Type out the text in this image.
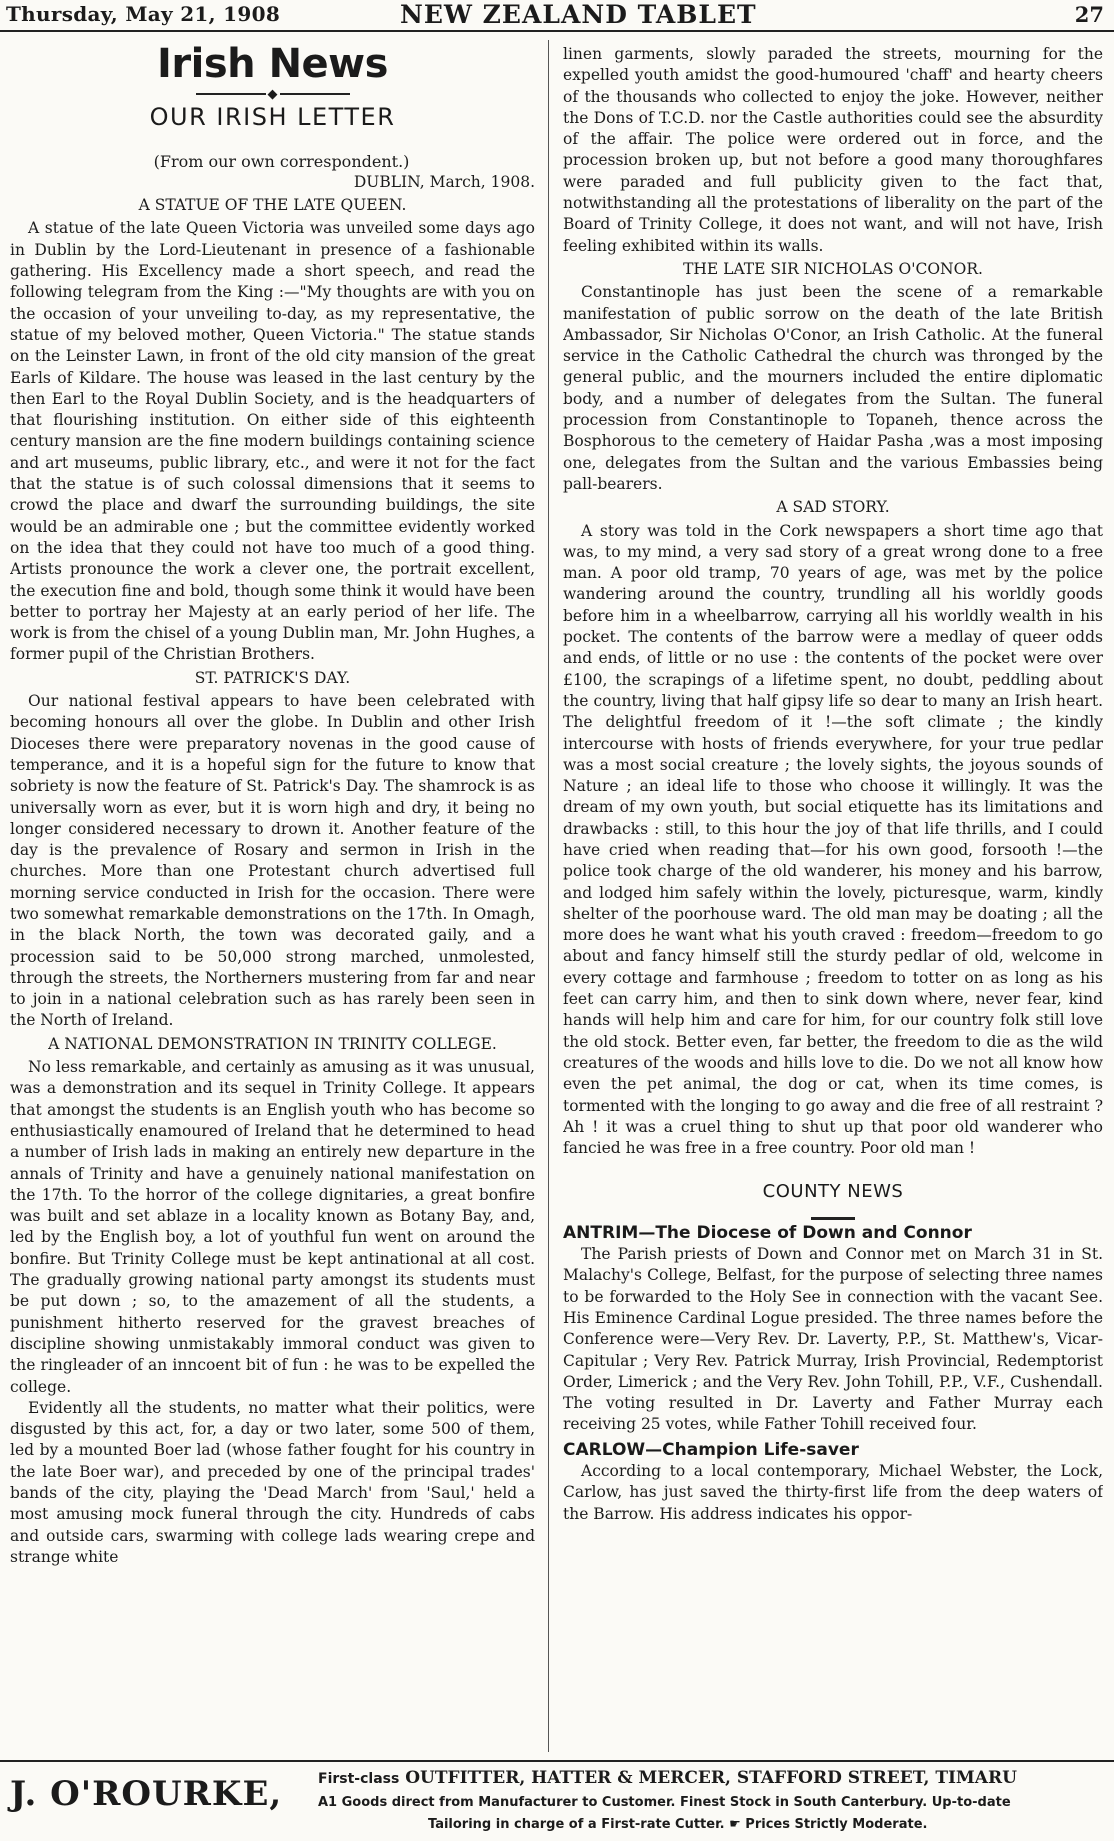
Thursday, May 21, 1908	NEW ZEALAND TABLET	27
Irish News
◆
OUR IRISH LETTER

(From our own correspondent.)

DUBLIN, March, 1908.

A STATUE OF THE LATE QUEEN.

A statue of the late Queen Victoria was unveiled some days ago in Dublin by the Lord-Lieutenant in presence of a fashionable gathering. His Excellency made a short speech, and read the following telegram from the King :—"My thoughts are with you on the occasion of your unveiling to-day, as my representative, the statue of my beloved mother, Queen Victoria." The statue stands on the Leinster Lawn, in front of the old city mansion of the great Earls of Kildare. The house was leased in the last century by the then Earl to the Royal Dublin Society, and is the headquarters of that flourishing institution. On either side of this eighteenth century mansion are the fine modern buildings containing science and art museums, public library, etc., and were it not for the fact that the statue is of such colossal dimensions that it seems to crowd the place and dwarf the surrounding buildings, the site would be an admirable one ; but the committee evidently worked on the idea that they could not have too much of a good thing. Artists pronounce the work a clever one, the portrait excellent, the execution fine and bold, though some think it would have been better to portray her Majesty at an early period of her life. The work is from the chisel of a young Dublin man, Mr. John Hughes, a former pupil of the Christian Brothers.

ST. PATRICK'S DAY.

Our national festival appears to have been celebrated with becoming honours all over the globe. In Dublin and other Irish Dioceses there were preparatory novenas in the good cause of temperance, and it is a hopeful sign for the future to know that sobriety is now the feature of St. Patrick's Day. The shamrock is as universally worn as ever, but it is worn high and dry, it being no longer considered necessary to drown it. Another feature of the day is the prevalence of Rosary and sermon in Irish in the churches. More than one Protestant church advertised full morning service conducted in Irish for the occasion. There were two somewhat remarkable demonstrations on the 17th. In Omagh, in the black North, the town was decorated gaily, and a procession said to be 50,000 strong marched, unmolested, through the streets, the Northerners mustering from far and near to join in a national celebration such as has rarely been seen in the North of Ireland.

A NATIONAL DEMONSTRATION IN TRINITY COLLEGE.

No less remarkable, and certainly as amusing as it was unusual, was a demonstration and its sequel in Trinity College. It appears that amongst the students is an English youth who has become so enthusiastically enamoured of Ireland that he determined to head a number of Irish lads in making an entirely new departure in the annals of Trinity and have a genuinely national manifestation on the 17th. To the horror of the college dignitaries, a great bonfire was built and set ablaze in a locality known as Botany Bay, and, led by the English boy, a lot of youthful fun went on around the bonfire. But Trinity College must be kept antinational at all cost. The gradually growing national party amongst its students must be put down ; so, to the amazement of all the students, a punishment hitherto reserved for the gravest breaches of discipline showing unmistakably immoral conduct was given to the ringleader of an inncoent bit of fun : he was to be expelled the college.

Evidently all the students, no matter what their politics, were disgusted by this act, for, a day or two later, some 500 of them, led by a mounted Boer lad (whose father fought for his country in the late Boer war), and preceded by one of the principal trades' bands of the city, playing the 'Dead March' from 'Saul,' held a most amusing mock funeral through the city. Hundreds of cabs and outside cars, swarming with college lads wearing crepe and strange white

linen garments, slowly paraded the streets, mourning for the expelled youth amidst the good-humoured 'chaff' and hearty cheers of the thousands who collected to enjoy the joke. However, neither the Dons of T.C.D. nor the Castle authorities could see the absurdity of the affair. The police were ordered out in force, and the procession broken up, but not before a good many thoroughfares were paraded and full publicity given to the fact that, notwithstanding all the protestations of liberality on the part of the Board of Trinity College, it does not want, and will not have, Irish feeling exhibited within its walls.

THE LATE SIR NICHOLAS O'CONOR.

Constantinople has just been the scene of a remarkable manifestation of public sorrow on the death of the late British Ambassador, Sir Nicholas O'Conor, an Irish Catholic. At the funeral service in the Catholic Cathedral the church was thronged by the general public, and the mourners included the entire diplomatic body, and a number of delegates from the Sultan. The funeral procession from Constantinople to Topaneh, thence across the Bosphorous to the cemetery of Haidar Pasha ,was a most imposing one, delegates from the Sultan and the various Embassies being pall-bearers.

A SAD STORY.

A story was told in the Cork newspapers a short time ago that was, to my mind, a very sad story of a great wrong done to a free man. A poor old tramp, 70 years of age, was met by the police wandering around the country, trundling all his worldly goods before him in a wheelbarrow, carrying all his worldly wealth in his pocket. The contents of the barrow were a medlay of queer odds and ends, of little or no use : the contents of the pocket were over £100, the scrapings of a lifetime spent, no doubt, peddling about the country, living that half gipsy life so dear to many an Irish heart. The delightful freedom of it !—the soft climate ; the kindly intercourse with hosts of friends everywhere, for your true pedlar was a most social creature ; the lovely sights, the joyous sounds of Nature ; an ideal life to those who choose it willingly. It was the dream of my own youth, but social etiquette has its limitations and drawbacks : still, to this hour the joy of that life thrills, and I could have cried when reading that—for his own good, forsooth !—the police took charge of the old wanderer, his money and his barrow, and lodged him safely within the lovely, picturesque, warm, kindly shelter of the poorhouse ward. The old man may be doating ; all the more does he want what his youth craved : freedom—freedom to go about and fancy himself still the sturdy pedlar of old, welcome in every cottage and farmhouse ; freedom to totter on as long as his feet can carry him, and then to sink down where, never fear, kind hands will help him and care for him, for our country folk still love the old stock. Better even, far better, the freedom to die as the wild creatures of the woods and hills love to die. Do we not all know how even the pet animal, the dog or cat, when its time comes, is tormented with the longing to go away and die free of all restraint ? Ah ! it was a cruel thing to shut up that poor old wanderer who fancied he was free in a free country. Poor old man !

COUNTY NEWS
ANTRIM—The Diocese of Down and Connor

The Parish priests of Down and Connor met on March 31 in St. Malachy's College, Belfast, for the purpose of selecting three names to be forwarded to the Holy See in connection with the vacant See. His Eminence Cardinal Logue presided. The three names before the Conference were—Very Rev. Dr. Laverty, P.P., St. Matthew's, Vicar-Capitular ; Very Rev. Patrick Murray, Irish Provincial, Redemptorist Order, Limerick ; and the Very Rev. John Tohill, P.P., V.F., Cushendall. The voting resulted in Dr. Laverty and Father Murray each receiving 25 votes, while Father Tohill received four.

CARLOW—Champion Life-saver

According to a local contemporary, Michael Webster, the Lock, Carlow, has just saved the thirty-first life from the deep waters of the Barrow. His address indicates his oppor-

J. O'ROURKE,	First-class OUTFITTER, HATTER & MERCER, STAFFORD STREET, TIMARU
A1 Goods direct from Manufacturer to Customer. Finest Stock in South Canterbury. Up-to-date
Tailoring in charge of a First-rate Cutter. ☛ Prices Strictly Moderate.
